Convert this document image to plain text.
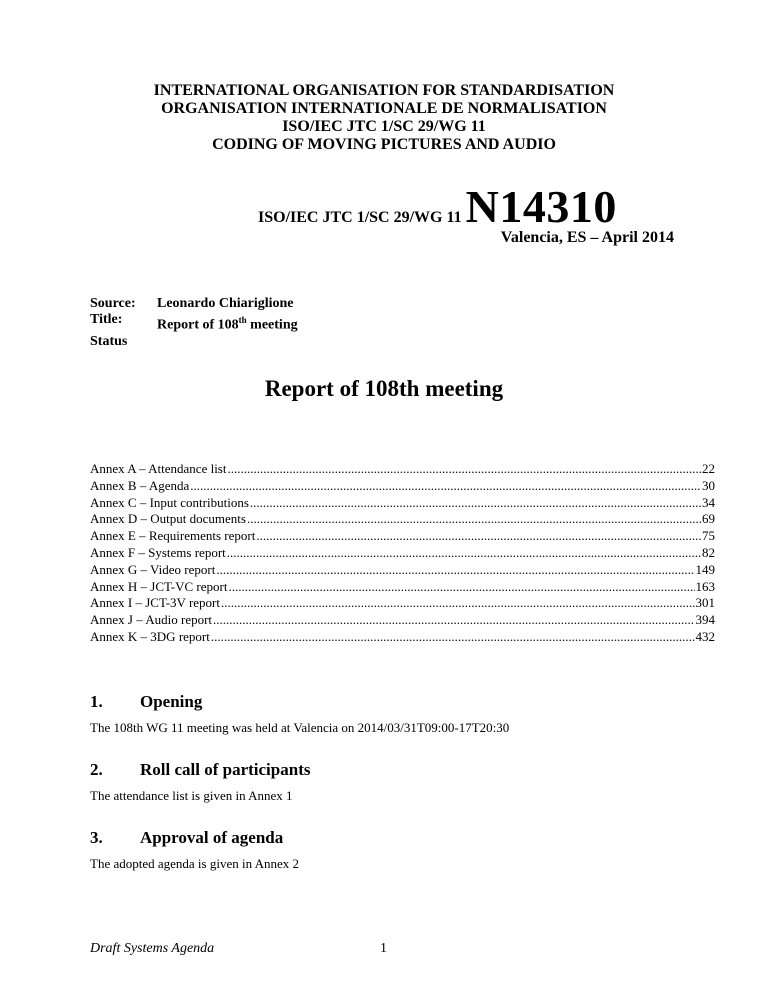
INTERNATIONAL ORGANISATION FOR STANDARDISATION
ORGANISATION INTERNATIONALE DE NORMALISATION
ISO/IEC JTC 1/SC 29/WG 11
CODING OF MOVING PICTURES AND AUDIO
ISO/IEC JTC 1/SC 29/WG 11 N14310
Valencia, ES – April 2014
Source:	Leonardo Chiariglione
Title:	Report of 108th meeting
Status
Report of 108th meeting
Annex A – Attendance list .....	22
Annex B – Agenda .....	30
Annex C – Input contributions .....	34
Annex D – Output documents .....	69
Annex E – Requirements report .....	75
Annex F – Systems report .....	82
Annex G – Video report .....	149
Annex H – JCT-VC report .....	163
Annex I – JCT-3V report .....	301
Annex J – Audio report .....	394
Annex K – 3DG report .....	432
1.	Opening
The 108th WG 11 meeting was held at Valencia on 2014/03/31T09:00-17T20:30
2.	Roll call of participants
The attendance list is given in Annex 1
3.	Approval of agenda
The adopted agenda is given in Annex 2
Draft Systems Agenda	1
